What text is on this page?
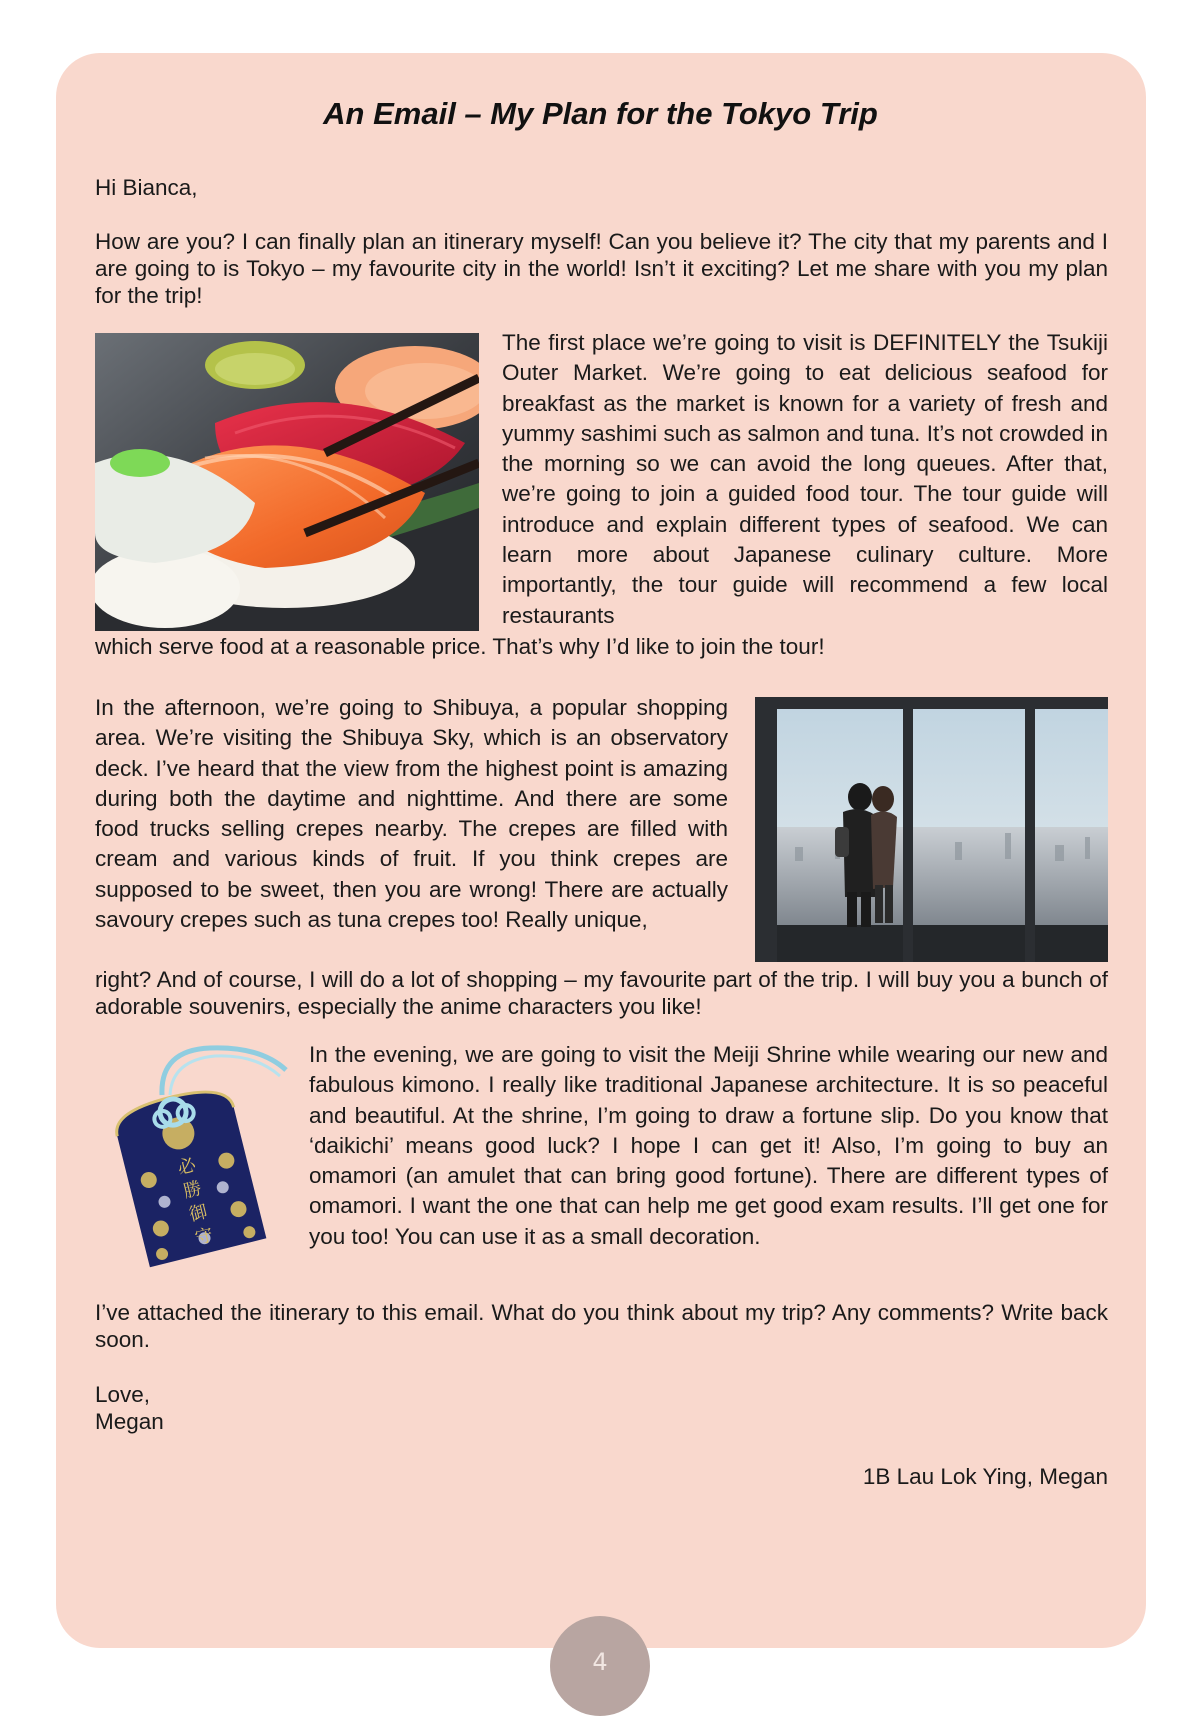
An Email – My Plan for the Tokyo Trip
Hi Bianca,
How are you? I can finally plan an itinerary myself! Can you believe it? The city that my parents and I are going to is Tokyo – my favourite city in the world! Isn’t it exciting? Let me share with you my plan for the trip!
The first place we’re going to visit is DEFINITELY the Tsukiji Outer Market. We’re going to eat delicious seafood for breakfast as the market is known for a variety of fresh and yummy sashimi such as salmon and tuna. It’s not crowded in the morning so we can avoid the long queues. After that, we’re going to join a guided food tour. The tour guide will introduce and explain different types of seafood. We can learn more about Japanese culinary culture. More importantly, the tour guide will recommend a few local restaurants
which serve food at a reasonable price. That’s why I’d like to join the tour!
In the afternoon, we’re going to Shibuya, a popular shopping area. We’re visiting the Shibuya Sky, which is an observatory deck. I’ve heard that the view from the highest point is amazing during both the daytime and nighttime. And there are some food trucks selling crepes nearby. The crepes are filled with cream and various kinds of fruit. If you think crepes are supposed to be sweet, then you are wrong! There are actually savoury crepes such as tuna crepes too! Really unique,
right? And of course, I will do a lot of shopping – my favourite part of the trip. I will buy you a bunch of adorable souvenirs, especially the anime characters you like!
必
勝
御
守
In the evening, we are going to visit the Meiji Shrine while wearing our new and fabulous kimono. I really like traditional Japanese architecture. It is so peaceful and beautiful. At the shrine, I’m going to draw a fortune slip. Do you know that ‘daikichi’ means good luck? I hope I can get it! Also, I’m going to buy an omamori (an amulet that can bring good fortune). There are different types of omamori. I want the one that can help me get good exam results. I’ll get one for you too! You can use it as a small decoration.
I’ve attached the itinerary to this email. What do you think about my trip? Any comments? Write back soon.
Love,
Megan
1B Lau Lok Ying, Megan
4
